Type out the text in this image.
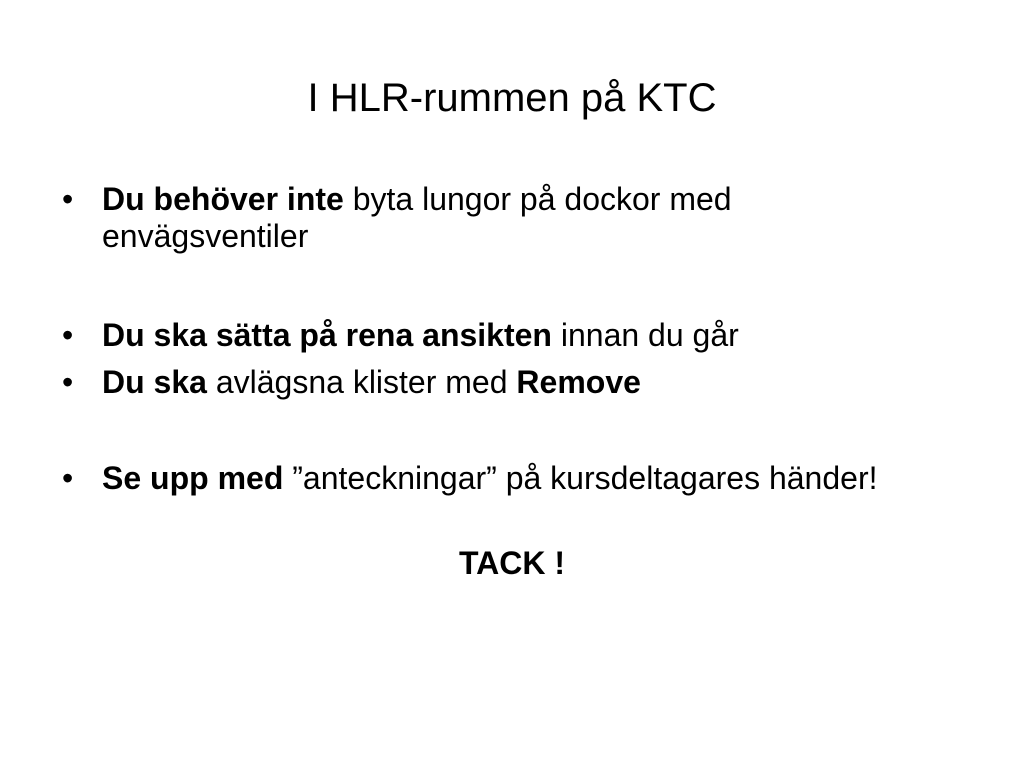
I HLR-rummen på KTC
• Du behöver inte byta lungor på dockor med envägsventiler
• Du ska sätta på rena ansikten innan du går
• Du ska avlägsna klister med Remove
• Se upp med ”anteckningar” på kursdeltagares händer!
TACK !
